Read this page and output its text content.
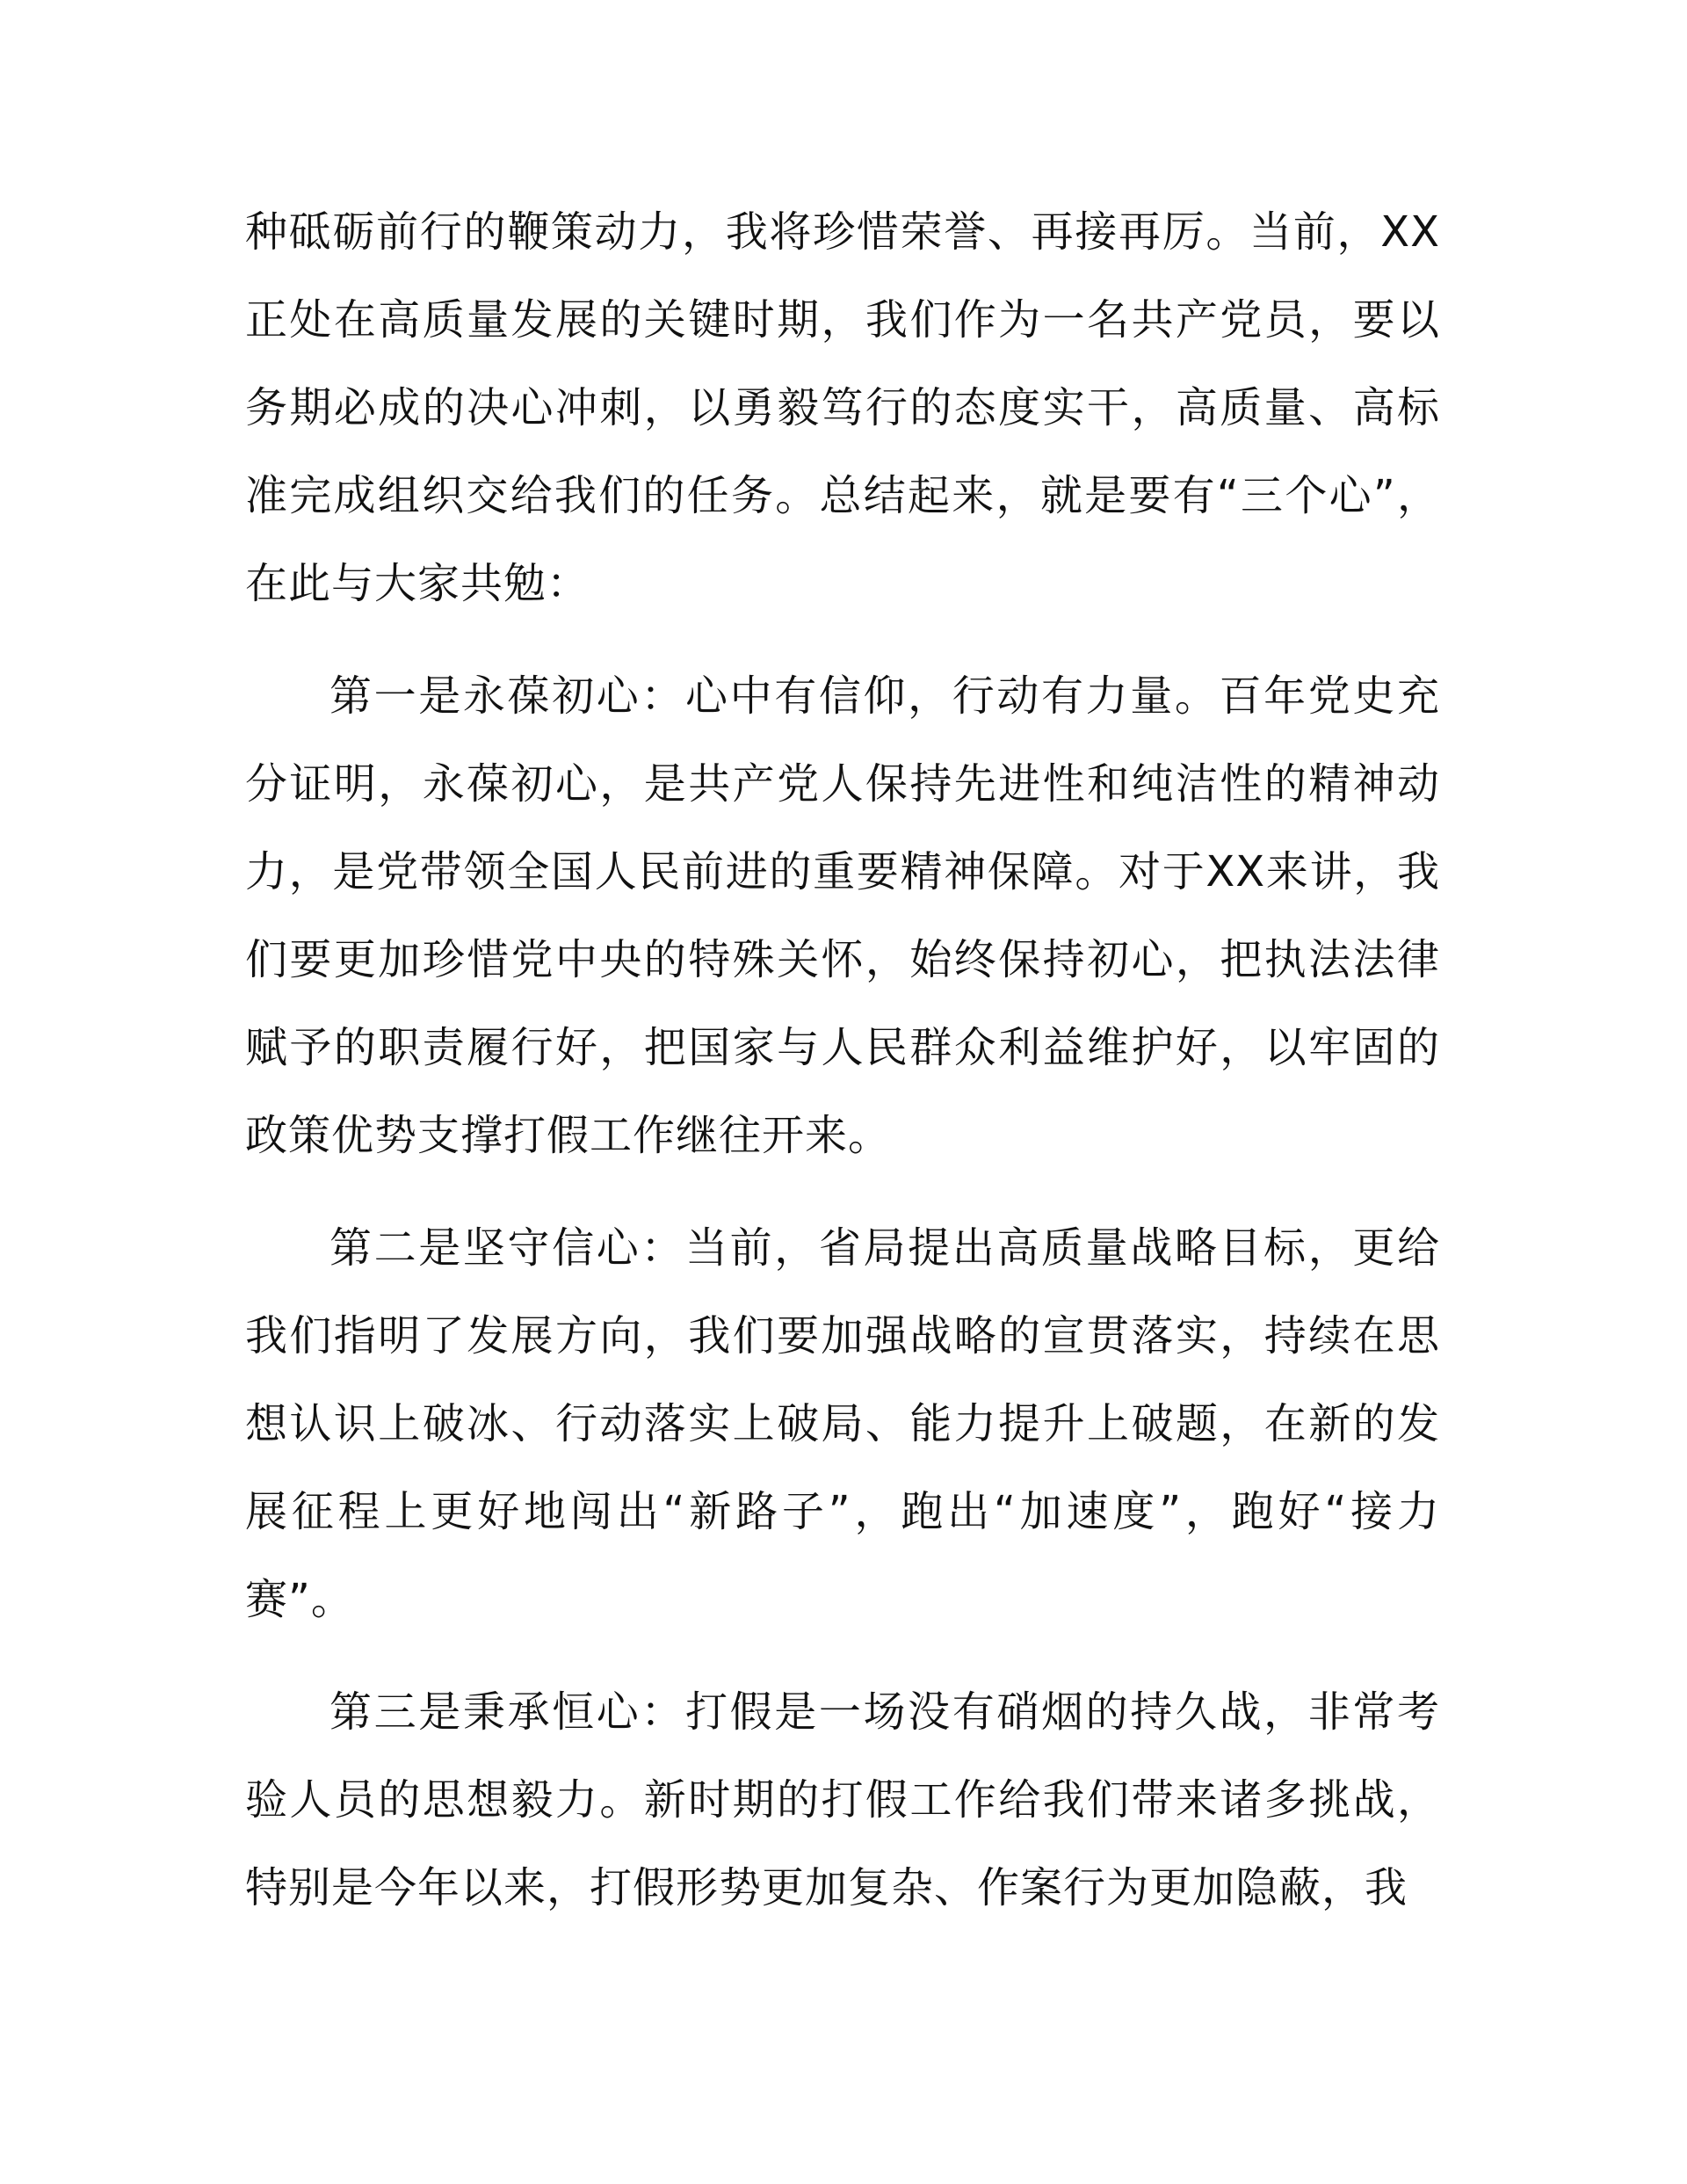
种砥砺前行的鞭策动力，我将珍惜荣誉、再接再厉。当前，XX正处在高质量发展的关键时期，我们作为一名共产党员，要以务期必成的决心冲刺，以勇毅笃行的态度实干，高质量、高标准完成组织交给我们的任务。总结起来，就是要有“三个心”，在此与大家共勉：

第一是永葆初心：心中有信仰，行动有力量。百年党史充分证明，永葆初心，是共产党人保持先进性和纯洁性的精神动力，是党带领全国人民前进的重要精神保障。对于XX来讲，我们要更加珍惜党中央的特殊关怀，始终保持初心，把执法法律赋予的职责履行好，把国家与人民群众利益维护好，以牢固的政策优势支撑打假工作继往开来。

第二是坚守信心：当前，省局提出高质量战略目标，更给我们指明了发展方向，我们要加强战略的宣贯落实，持续在思想认识上破冰、行动落实上破局、能力提升上破题，在新的发展征程上更好地闯出“新路子”，跑出“加速度”，跑好“接力赛”。

第三是秉承恒心：打假是一场没有硝烟的持久战，非常考验人员的思想毅力。新时期的打假工作给我们带来诸多挑战，特别是今年以来，打假形势更加复杂、作案行为更加隐蔽，我
